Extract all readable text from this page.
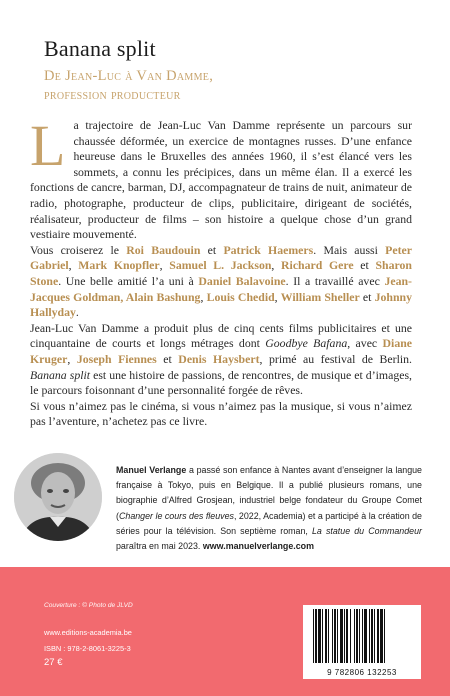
Banana split
De Jean-Luc à Van Damme,
profession producteur

La trajectoire de Jean-Luc Van Damme représente un parcours sur chaussée déformée, un exercice de montagnes russes. D’une enfance heureuse dans le Bruxelles des années 1960, il s’est élancé vers les sommets, a connu les précipices, dans un même élan. Il a exercé les fonctions de cancre, barman, DJ, accompagnateur de trains de nuit, animateur de radio, photographe, producteur de clips, publicitaire, dirigeant de sociétés, réalisateur, producteur de films – son histoire a quelque chose d’un grand vestiaire mouvementé.

Vous croiserez le Roi Baudouin et Patrick Haemers. Mais aussi Peter Gabriel, Mark Knopfler, Samuel L. Jackson, Richard Gere et Sharon Stone. Une belle amitié l’a uni à Daniel Balavoine. Il a travaillé avec Jean-Jacques Goldman, Alain Bashung, Louis Chedid, William Sheller et Johnny Hallyday.

Jean-Luc Van Damme a produit plus de cinq cents films publicitaires et une cinquantaine de courts et longs métrages dont Goodbye Bafana, avec Diane Kruger, Joseph Fiennes et Denis Haysbert, primé au festival de Berlin. Banana split est une histoire de passions, de rencontres, de musique et d’images, le parcours foisonnant d’une personnalité forgée de rêves.

Si vous n’aimez pas le cinéma, si vous n’aimez pas la musique, si vous n’aimez pas l’aventure, n’achetez pas ce livre.

Manuel Verlange a passé son enfance à Nantes avant d’enseigner la langue française à Tokyo, puis en Belgique. Il a publié plusieurs romans, une biographie d’Alfred Grosjean, industriel belge fondateur du Groupe Comet (Changer le cours des fleuves, 2022, Academia) et a participé à la création de séries pour la télévision. Son septième roman, La statue du Commandeur paraîtra en mai 2023. www.manuelverlange.com
Couverture : © Photo de JLVD
www.editions-academia.be
ISBN : 978-2-8061-3225-3
27 €
9 782806 132253
